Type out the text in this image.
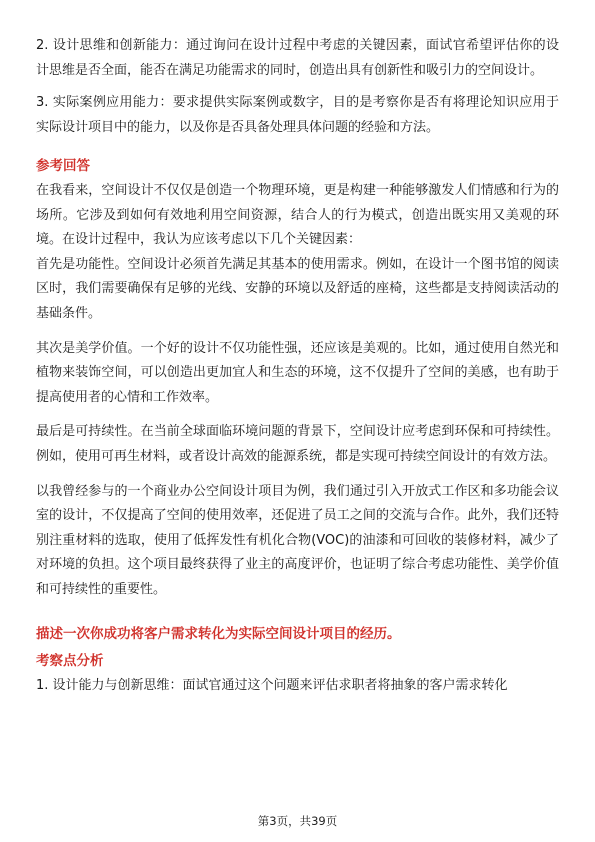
2. 设计思维和创新能力：通过询问在设计过程中考虑的关键因素，面试官希望评估你的设计思维是否全面，能否在满足功能需求的同时，创造出具有创新性和吸引力的空间设计。

3. 实际案例应用能力：要求提供实际案例或数字，目的是考察你是否有将理论知识应用于实际设计项目中的能力，以及你是否具备处理具体问题的经验和方法。

参考回答

在我看来，空间设计不仅仅是创造一个物理环境，更是构建一种能够激发人们情感和行为的场所。它涉及到如何有效地利用空间资源，结合人的行为模式，创造出既实用又美观的环境。在设计过程中，我认为应该考虑以下几个关键因素：

首先是功能性。空间设计必须首先满足其基本的使用需求。例如，在设计一个图书馆的阅读区时，我们需要确保有足够的光线、安静的环境以及舒适的座椅，这些都是支持阅读活动的基础条件。

其次是美学价值。一个好的设计不仅功能性强，还应该是美观的。比如，通过使用自然光和植物来装饰空间，可以创造出更加宜人和生态的环境，这不仅提升了空间的美感，也有助于提高使用者的心情和工作效率。

最后是可持续性。在当前全球面临环境问题的背景下，空间设计应考虑到环保和可持续性。例如，使用可再生材料，或者设计高效的能源系统，都是实现可持续空间设计的有效方法。

以我曾经参与的一个商业办公空间设计项目为例，我们通过引入开放式工作区和多功能会议室的设计，不仅提高了空间的使用效率，还促进了员工之间的交流与合作。此外，我们还特别注重材料的选取，使用了低挥发性有机化合物(VOC)的油漆和可回收的装修材料，减少了对环境的负担。这个项目最终获得了业主的高度评价，也证明了综合考虑功能性、美学价值和可持续性的重要性。

描述一次你成功将客户需求转化为实际空间设计项目的经历。

考察点分析

1. 设计能力与创新思维：面试官通过这个问题来评估求职者将抽象的客户需求转化

第3页，共39页
